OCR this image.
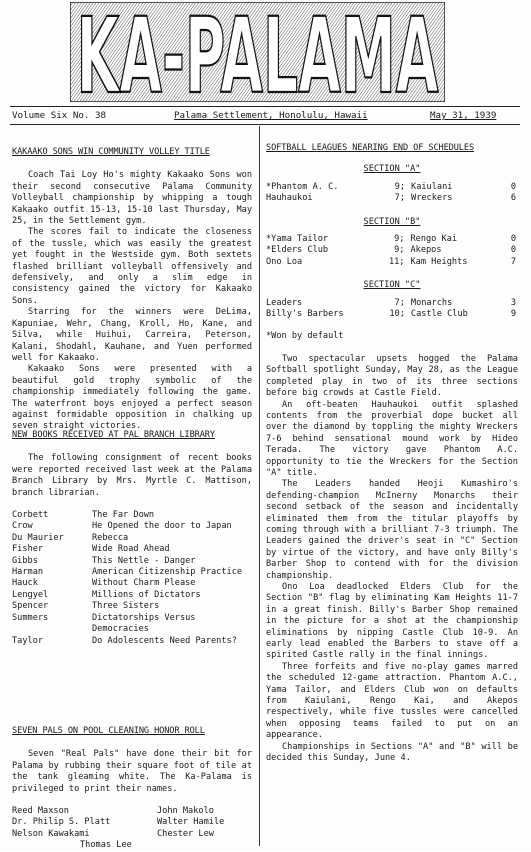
KA-PALAMA
Volume Six No. 38	Palama Settlement, Honolulu, Hawaii	May 31, 1939
KAKAAKO SONS WIN COMMUNITY VOLLEY TITLE

Coach Tai Loy Ho's mighty Kakaako Sons won their second consecutive Palama Community Volleyball championship by whipping a tough Kakaako outfit 15-13, 15-10 last Thursday, May 25, in the Settlement gym.

The scores fail to indicate the closeness of the tussle, which was easily the greatest yet fought in the Westside gym. Both sextets flashed brilliant volleyball offensively and defensively, and only a slim edge in consistency gained the victory for Kakaako Sons.

Starring for the winners were DeLima, Kapuniae, Wehr, Chang, Kroll, Ho, Kane, and Silva, while Huihui, Carreira, Peterson, Kalani, Shodahl, Kauhane, and Yuen performed well for Kakaako.

Kakaako Sons were presented with a beautiful gold trophy symbolic of the championship immediately following the game. The waterfront boys enjoyed a perfect season against formidable opposition in chalking up seven straight victories.

NEW BOOKS RECEIVED AT PAL BRANCH LIBRARY

The following consignment of recent books were reported received last week at the Palama Branch Library by Mrs. Myrtle C. Mattison, branch librarian.

Corbett	The Far Down
Crow	He Opened the door to Japan
Du Maurier	Rebecca
Fisher	Wide Road Ahead
Gibbs	This Nettle - Danger
Harman	American Citizenship Practice
Hauck	Without Charm Please
Lengyel	Millions of Dictators
Spencer	Three Sisters
Summers	Dictatorships Versus
	Democracies
Taylor	Do Adolescents Need Parents?
SEVEN PALS ON POOL CLEANING HONOR ROLL

Seven "Real Pals" have done their bit for Palama by rubbing their square foot of tile at the tank gleaming white. The Ka-Palama is privileged to print their names.

Reed Maxson	John Makolo
Dr. Philip S. Platt	Walter Hamile
Nelson Kawakami	Chester Lew
Thomas Lee
SOFTBALL LEAGUES NEARING END OF SCHEDULES
SECTION "A"
*Phantom A. C.	9;	Kaiulani	0
Hauhaukoi	7;	Wreckers	6
SECTION "B"
*Yama Tailor	9;	Rengo Kai	0
*Elders Club	9;	Akepos	0
Ono Loa	11;	Kam Heights	7
SECTION "C"
Leaders	7;	Monarchs	3
Billy's Barbers	10;	Castle Club	9
*Won by default

Two spectacular upsets hogged the Palama Softball spotlight Sunday, May 28, as the League completed play in two of its three sections before big crowds at Castle Field.

An oft-beaten Hauhaukoi outfit splashed contents from the proverbial dope bucket all over the diamond by toppling the mighty Wreckers 7-6 behind sensational mound work by Hideo Terada. The victory gave Phantom A.C. opportunity to tie the Wreckers for the Section "A" title.

The Leaders handed Heoji Kumashiro's defending-champion McInerny Monarchs their second setback of the season and incidentally eliminated them from the titular playoffs by coming through with a brilliant 7-3 triumph. The Leaders gained the driver's seat in "C" Section by virtue of the victory, and have only Billy's Barber Shop to contend with for the division championship.

Ono Loa deadlocked Elders Club for the Section "B" flag by eliminating Kam Heights 11-7 in a great finish. Billy's Barber Shop remained in the picture for a shot at the championship eliminations by nipping Castle Club 10-9. An early lead enabled the Barbers to stave off a spirited Castle rally in the final innings.

Three forfeits and five no-play games marred the scheduled 12-game attraction. Phantom A.C., Yama Tailor, and Elders Club won on defaults from Kaiulani, Rengo Kai, and Akepos respectively, while five tussles were cancelled when opposing teams failed to put on an appearance.

Championships in Sections "A" and "B" will be decided this Sunday, June 4.
